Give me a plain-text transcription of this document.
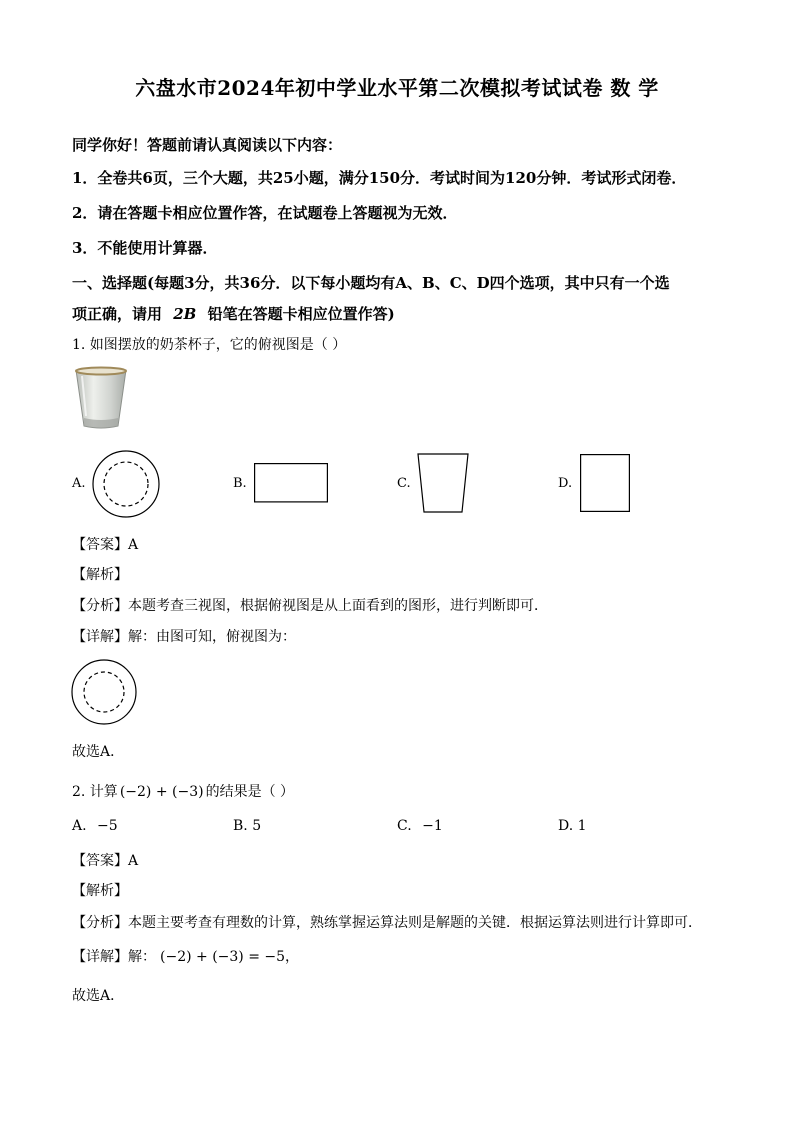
六盘水市2024年初中学业水平第二次模拟考试试卷 数 学
同学你好！答题前请认真阅读以下内容：
1．全卷共6页，三个大题，共25小题，满分150分．考试时间为120分钟．考试形式闭卷．
2．请在答题卡相应位置作答，在试题卷上答题视为无效．
3．不能使用计算器．
一、选择题(每题3分，共36分．以下每小题均有A、B、C、D四个选项，其中只有一个选
项正确，请用 2B 铅笔在答题卡相应位置作答)
1. 如图摆放的奶茶杯子，它的俯视图是（ ）
A.	B.	C.	D.
【答案】A
【解析】
【分析】本题考查三视图，根据俯视图是从上面看到的图形，进行判断即可．
【详解】解：由图可知，俯视图为：
故选A．
2. 计算 (−2) + (−3) 的结果是（ ）
A. −5	B. 5	C. −1	D. 1
【答案】A
【解析】
【分析】本题主要考查有理数的计算，熟练掌握运算法则是解题的关键．根据运算法则进行计算即可．
【详解】解： (−2) + (−3) = −5，
故选A．
